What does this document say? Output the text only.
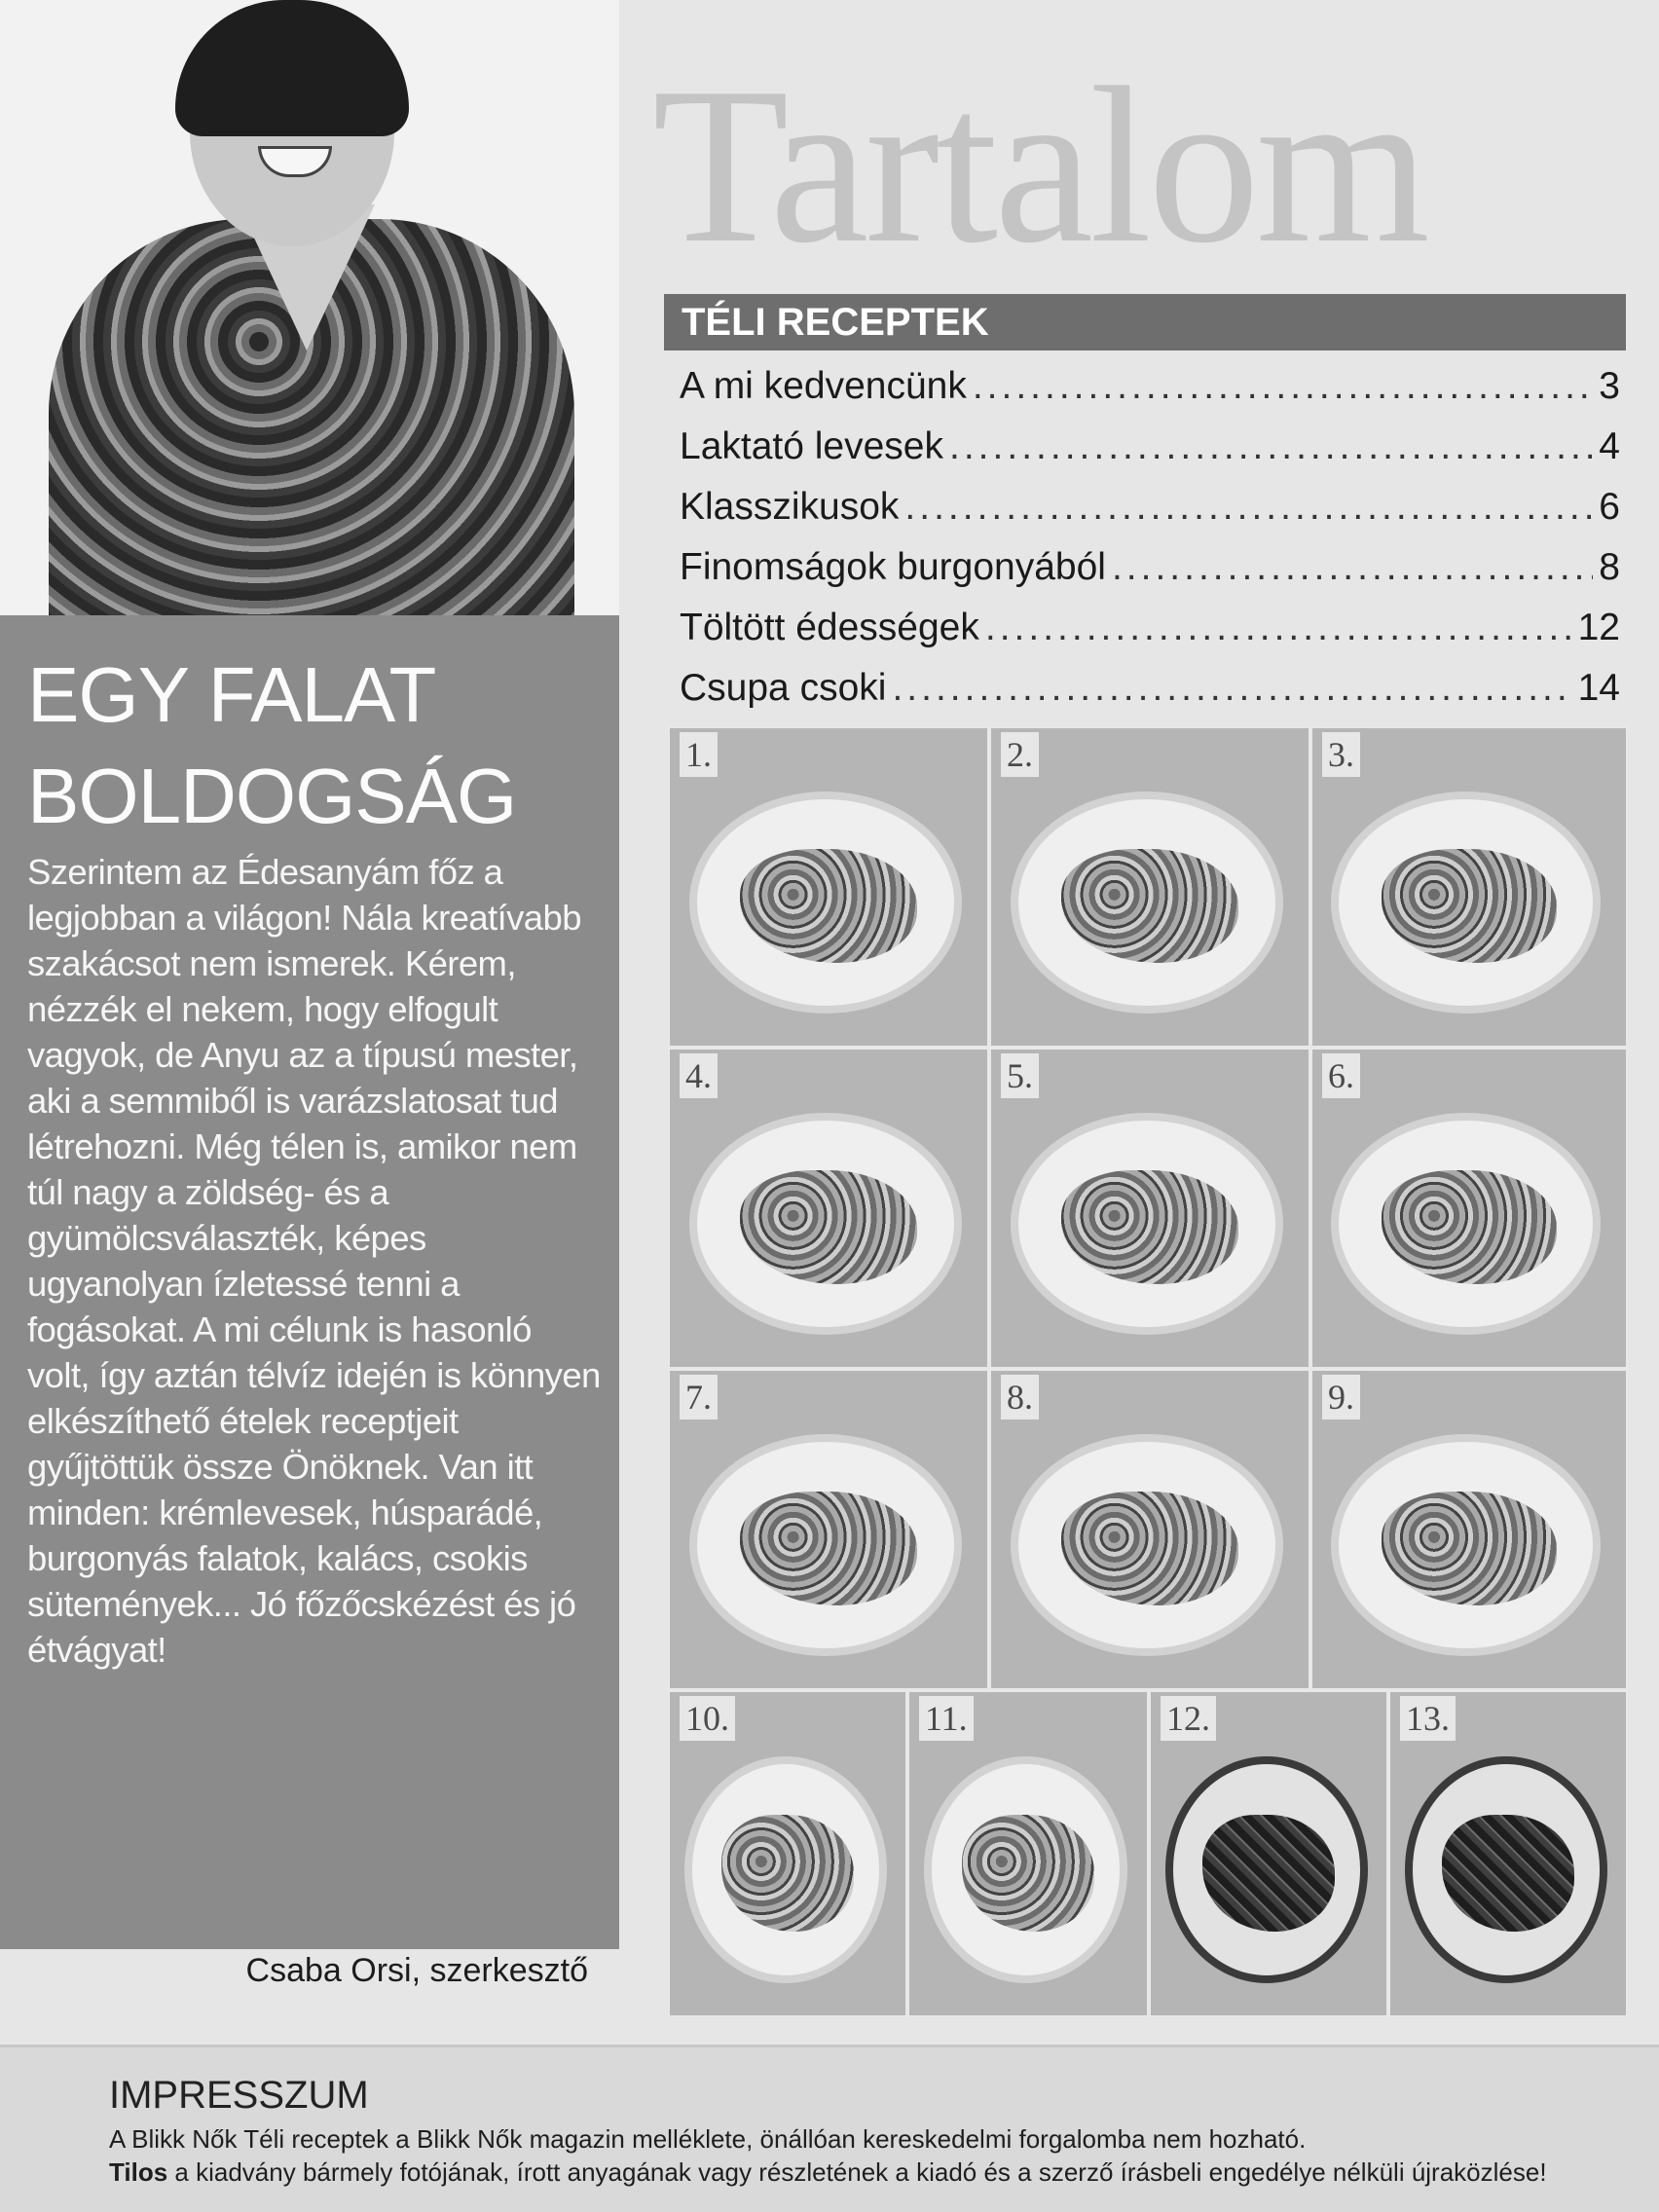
EGY FALAT
BOLDOGSÁG

Szerintem az Édesanyám főz a legjobban a világon! Nála kreatívabb szakácsot nem ismerek. Kérem, nézzék el nekem, hogy elfogult vagyok, de Anyu az a típusú mester, aki a semmiből is varázslatosat tud létrehozni. Még télen is, amikor nem túl nagy a zöldség- és a gyümölcsválaszték, képes ugyanolyan ízletessé tenni a fogásokat. A mi célunk is hasonló volt, így aztán télvíz idején is könnyen elkészíthető ételek receptjeit gyűjtöttük össze Önöknek. Van itt minden: krémlevesek, húsparádé, burgonyás falatok, kalács, csokis sütemények... Jó főzőcskézést és jó étvágyat!

Csaba Orsi, szerkesztő
Tartalom
TÉLI RECEPTEK
A mi kedvencünk .....	3
Laktató levesek .....	4
Klasszikusok .....	6
Finomságok burgonyából .....	8
Töltött édességek .....	12
Csupa csoki .....	14
1.	2.	3.
4.	5.	6.
7.	8.	9.
10.	11.	12.	13.
IMPRESSZUM
A Blikk Nők Téli receptek a Blikk Nők magazin melléklete, önállóan kereskedelmi forgalomba nem hozható.
Tilos a kiadvány bármely fotójának, írott anyagának vagy részletének a kiadó és a szerző írásbeli engedélye nélküli újraközlése!
